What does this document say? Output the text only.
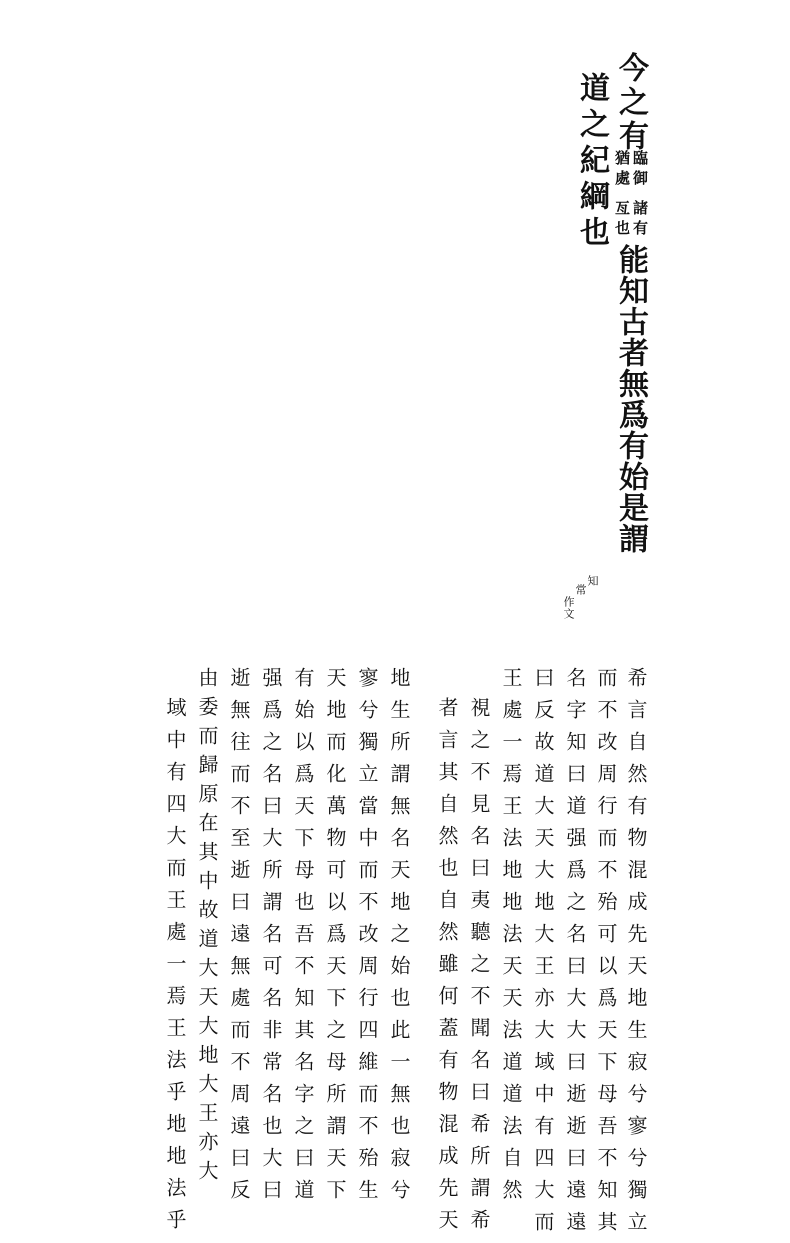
今之有
臨御
猶處
諸有
亙也
能知古者無爲有始是謂
道之紀綱也
知
常
作文
希言自然有物混成先天地生寂兮寥兮獨立
而不改周行而不殆可以爲天下母吾不知其
名字知曰道强爲之名曰大大曰逝逝曰遠遠
曰反故道大天大地大王亦大域中有四大而
王處一焉王法地地法天天法道道法自然
視之不見名曰夷聽之不聞名曰希所謂希
者言其自然也自然雖何蓋有物混成先天
地生所謂無名天地之始也此一無也寂兮
寥兮獨立當中而不改周行四維而不殆生
天地而化萬物可以爲天下之母所謂天下
有始以爲天下母也吾不知其名字之曰道
强爲之名曰大所謂名可名非常名也大曰
逝無往而不至逝曰遠無處而不周遠曰反
由委而歸原在其中故道大天大地大王亦大
域中有四大而王處一焉王法乎地地法乎
